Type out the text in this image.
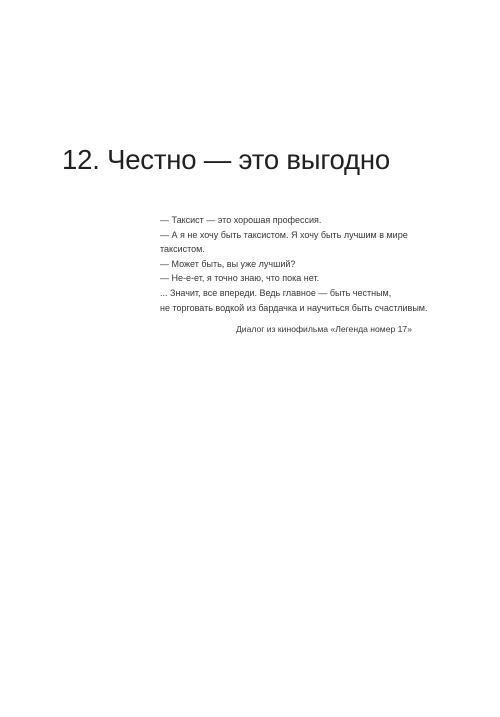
12. Честно — это выгодно
— Таксист — это хорошая профессия.
— А я не хочу быть таксистом. Я хочу быть лучшим в мире
таксистом.
— Может быть, вы уже лучший?
— Не-е-ет, я точно знаю, что пока нет.
... Значит, все впереди. Ведь главное — быть честным,
не торговать водкой из бардачка и научиться быть счастливым.
Диалог из кинофильма «Легенда номер 17»
